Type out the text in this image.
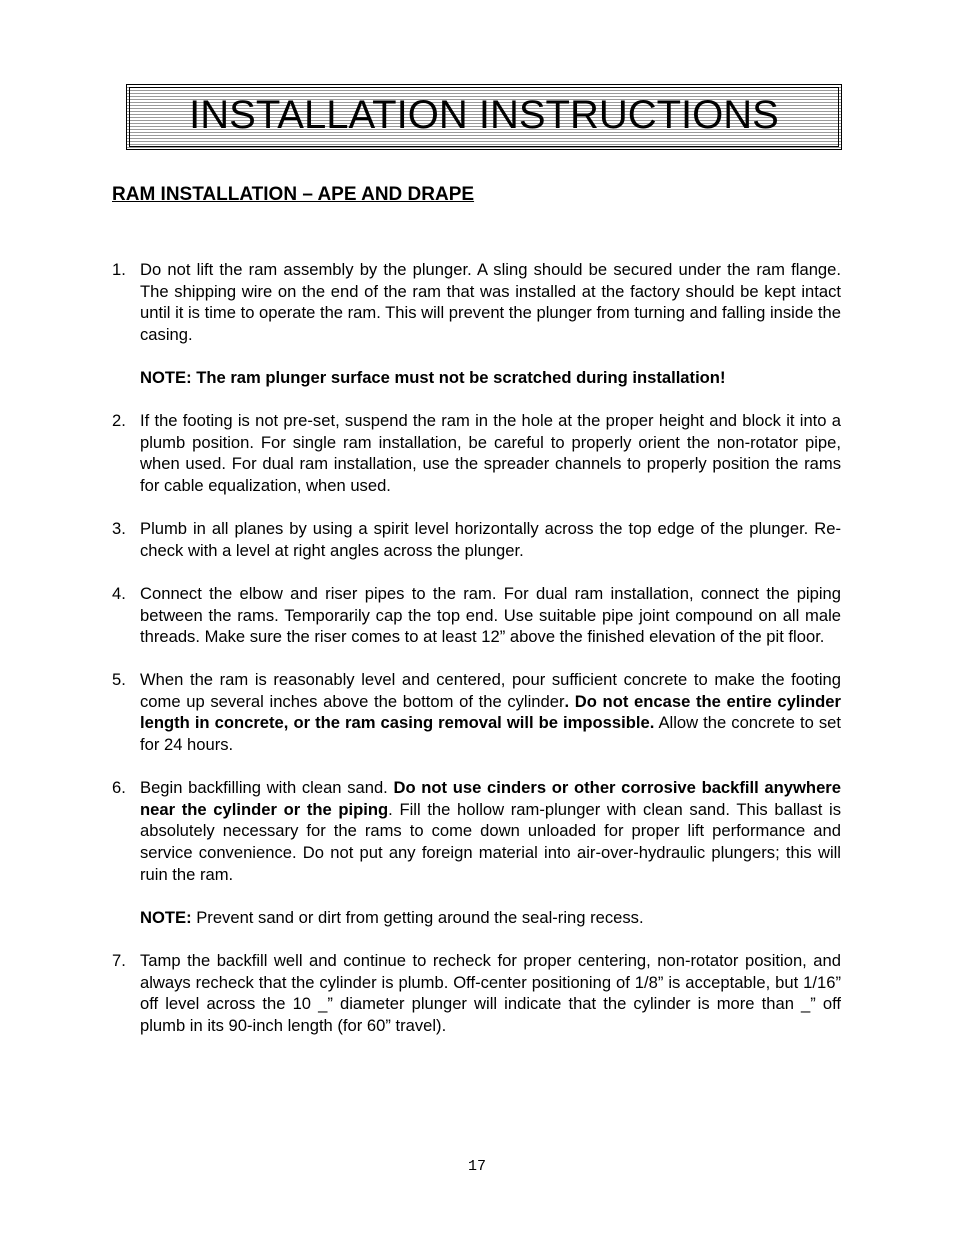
INSTALLATION INSTRUCTIONS
RAM INSTALLATION – APE AND DRAPE
1. Do not lift the ram assembly by the plunger. A sling should be secured under the ram flange. The shipping wire on the end of the ram that was installed at the factory should be kept intact until it is time to operate the ram. This will prevent the plunger from turning and falling inside the casing.

NOTE: The ram plunger surface must not be scratched during installation!
2. If the footing is not pre-set, suspend the ram in the hole at the proper height and block it into a plumb position. For single ram installation, be careful to properly orient the non-rotator pipe, when used. For dual ram installation, use the spreader channels to properly position the rams for cable equalization, when used.

3. Plumb in all planes by using a spirit level horizontally across the top edge of the plunger. Re-check with a level at right angles across the plunger.

4. Connect the elbow and riser pipes to the ram. For dual ram installation, connect the piping between the rams. Temporarily cap the top end. Use suitable pipe joint compound on all male threads. Make sure the riser comes to at least 12” above the finished elevation of the pit floor.

5. When the ram is reasonably level and centered, pour sufficient concrete to make the footing come up several inches above the bottom of the cylinder. Do not encase the entire cylinder length in concrete, or the ram casing removal will be impossible. Allow the concrete to set for 24 hours.

6. Begin backfilling with clean sand. Do not use cinders or other corrosive backfill anywhere near the cylinder or the piping. Fill the hollow ram-plunger with clean sand. This ballast is absolutely necessary for the rams to come down unloaded for proper lift performance and service convenience. Do not put any foreign material into air-over-hydraulic plungers; this will ruin the ram.

NOTE: Prevent sand or dirt from getting around the seal-ring recess.
7. Tamp the backfill well and continue to recheck for proper centering, non-rotator position, and always recheck that the cylinder is plumb. Off-center positioning of 1/8” is acceptable, but 1/16” off level across the 10 _” diameter plunger will indicate that the cylinder is more than _” off plumb in its 90-inch length (for 60” travel).

17
